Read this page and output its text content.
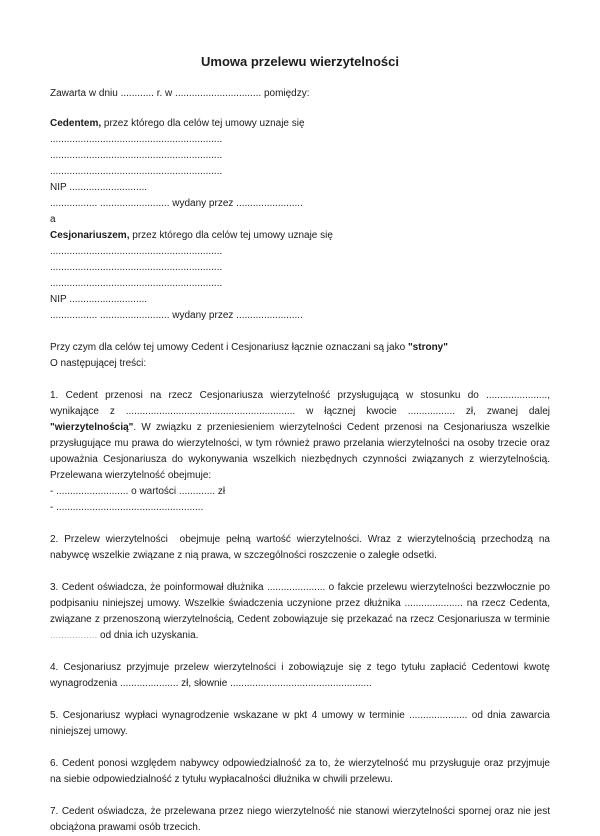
Umowa przelewu wierzytelności

Zawarta w dniu ............ r. w ............................... pomiędzy:

Cedentem, przez którego dla celów tej umowy uznaje się
..............................................................
..............................................................
..............................................................
NIP ............................
................. ......................... wydany przez ........................
a
Cesjonariuszem, przez którego dla celów tej umowy uznaje się
..............................................................
..............................................................
..............................................................
NIP ............................
................. ......................... wydany przez ........................

Przy czym dla celów tej umowy Cedent i Cesjonariusz łącznie oznaczani są jako "strony"

O następującej treści:

1. Cedent przenosi na rzecz Cesjonariusza wierzytelność przysługującą w stosunku do ......................, wynikające z ............................................................. w łącznej kwocie ................. zł, zwanej dalej "wierzytelnością". W związku z przeniesieniem wierzytelności Cedent przenosi na Cesjonariusza wszelkie przysługujące mu prawa do wierzytelności, w tym również prawo przelania wierzytelności na osoby trzecie oraz upoważnia Cesjonariusza do wykonywania wszelkich niezbędnych czynności związanych z wierzytelnością. Przelewana wierzytelność obejmuje:

- .......................... o wartości ............. zł
- .....................................................

2. Przelew wierzytelności  obejmuje pełną wartość wierzytelności. Wraz z wierzytelnością przechodzą na nabywcę wszelkie związane z nią prawa, w szczególności roszczenie o zaległe odsetki.

3. Cedent oświadcza, że poinformował dłużnika ..................... o fakcie przelewu wierzytelności bezzwłocznie po podpisaniu niniejszej umowy. Wszelkie świadczenia uczynione przez dłużnika ..................... na rzecz Cedenta, związane z przenoszoną wierzytelnością, Cedent zobowiązuje się przekazać na rzecz Cesjonariusza w terminie ................. od dnia ich uzyskania.

4. Cesjonariusz przyjmuje przelew wierzytelności i zobowiązuje się z tego tytułu zapłacić Cedentowi kwotę wynagrodzenia ..................... zł, słownie ...................................................

5. Cesjonariusz wypłaci wynagrodzenie wskazane w pkt 4 umowy w terminie ..................... od dnia zawarcia niniejszej umowy.

6. Cedent ponosi względem nabywcy odpowiedzialność za to, że wierzytelność mu przysługuje oraz przyjmuje na siebie odpowiedzialność z tytułu wypłacalności dłużnika w chwili przelewu.

7. Cedent oświadcza, że przelewana przez niego wierzytelność nie stanowi wierzytelności spornej oraz nie jest obciążona prawami osób trzecich.
